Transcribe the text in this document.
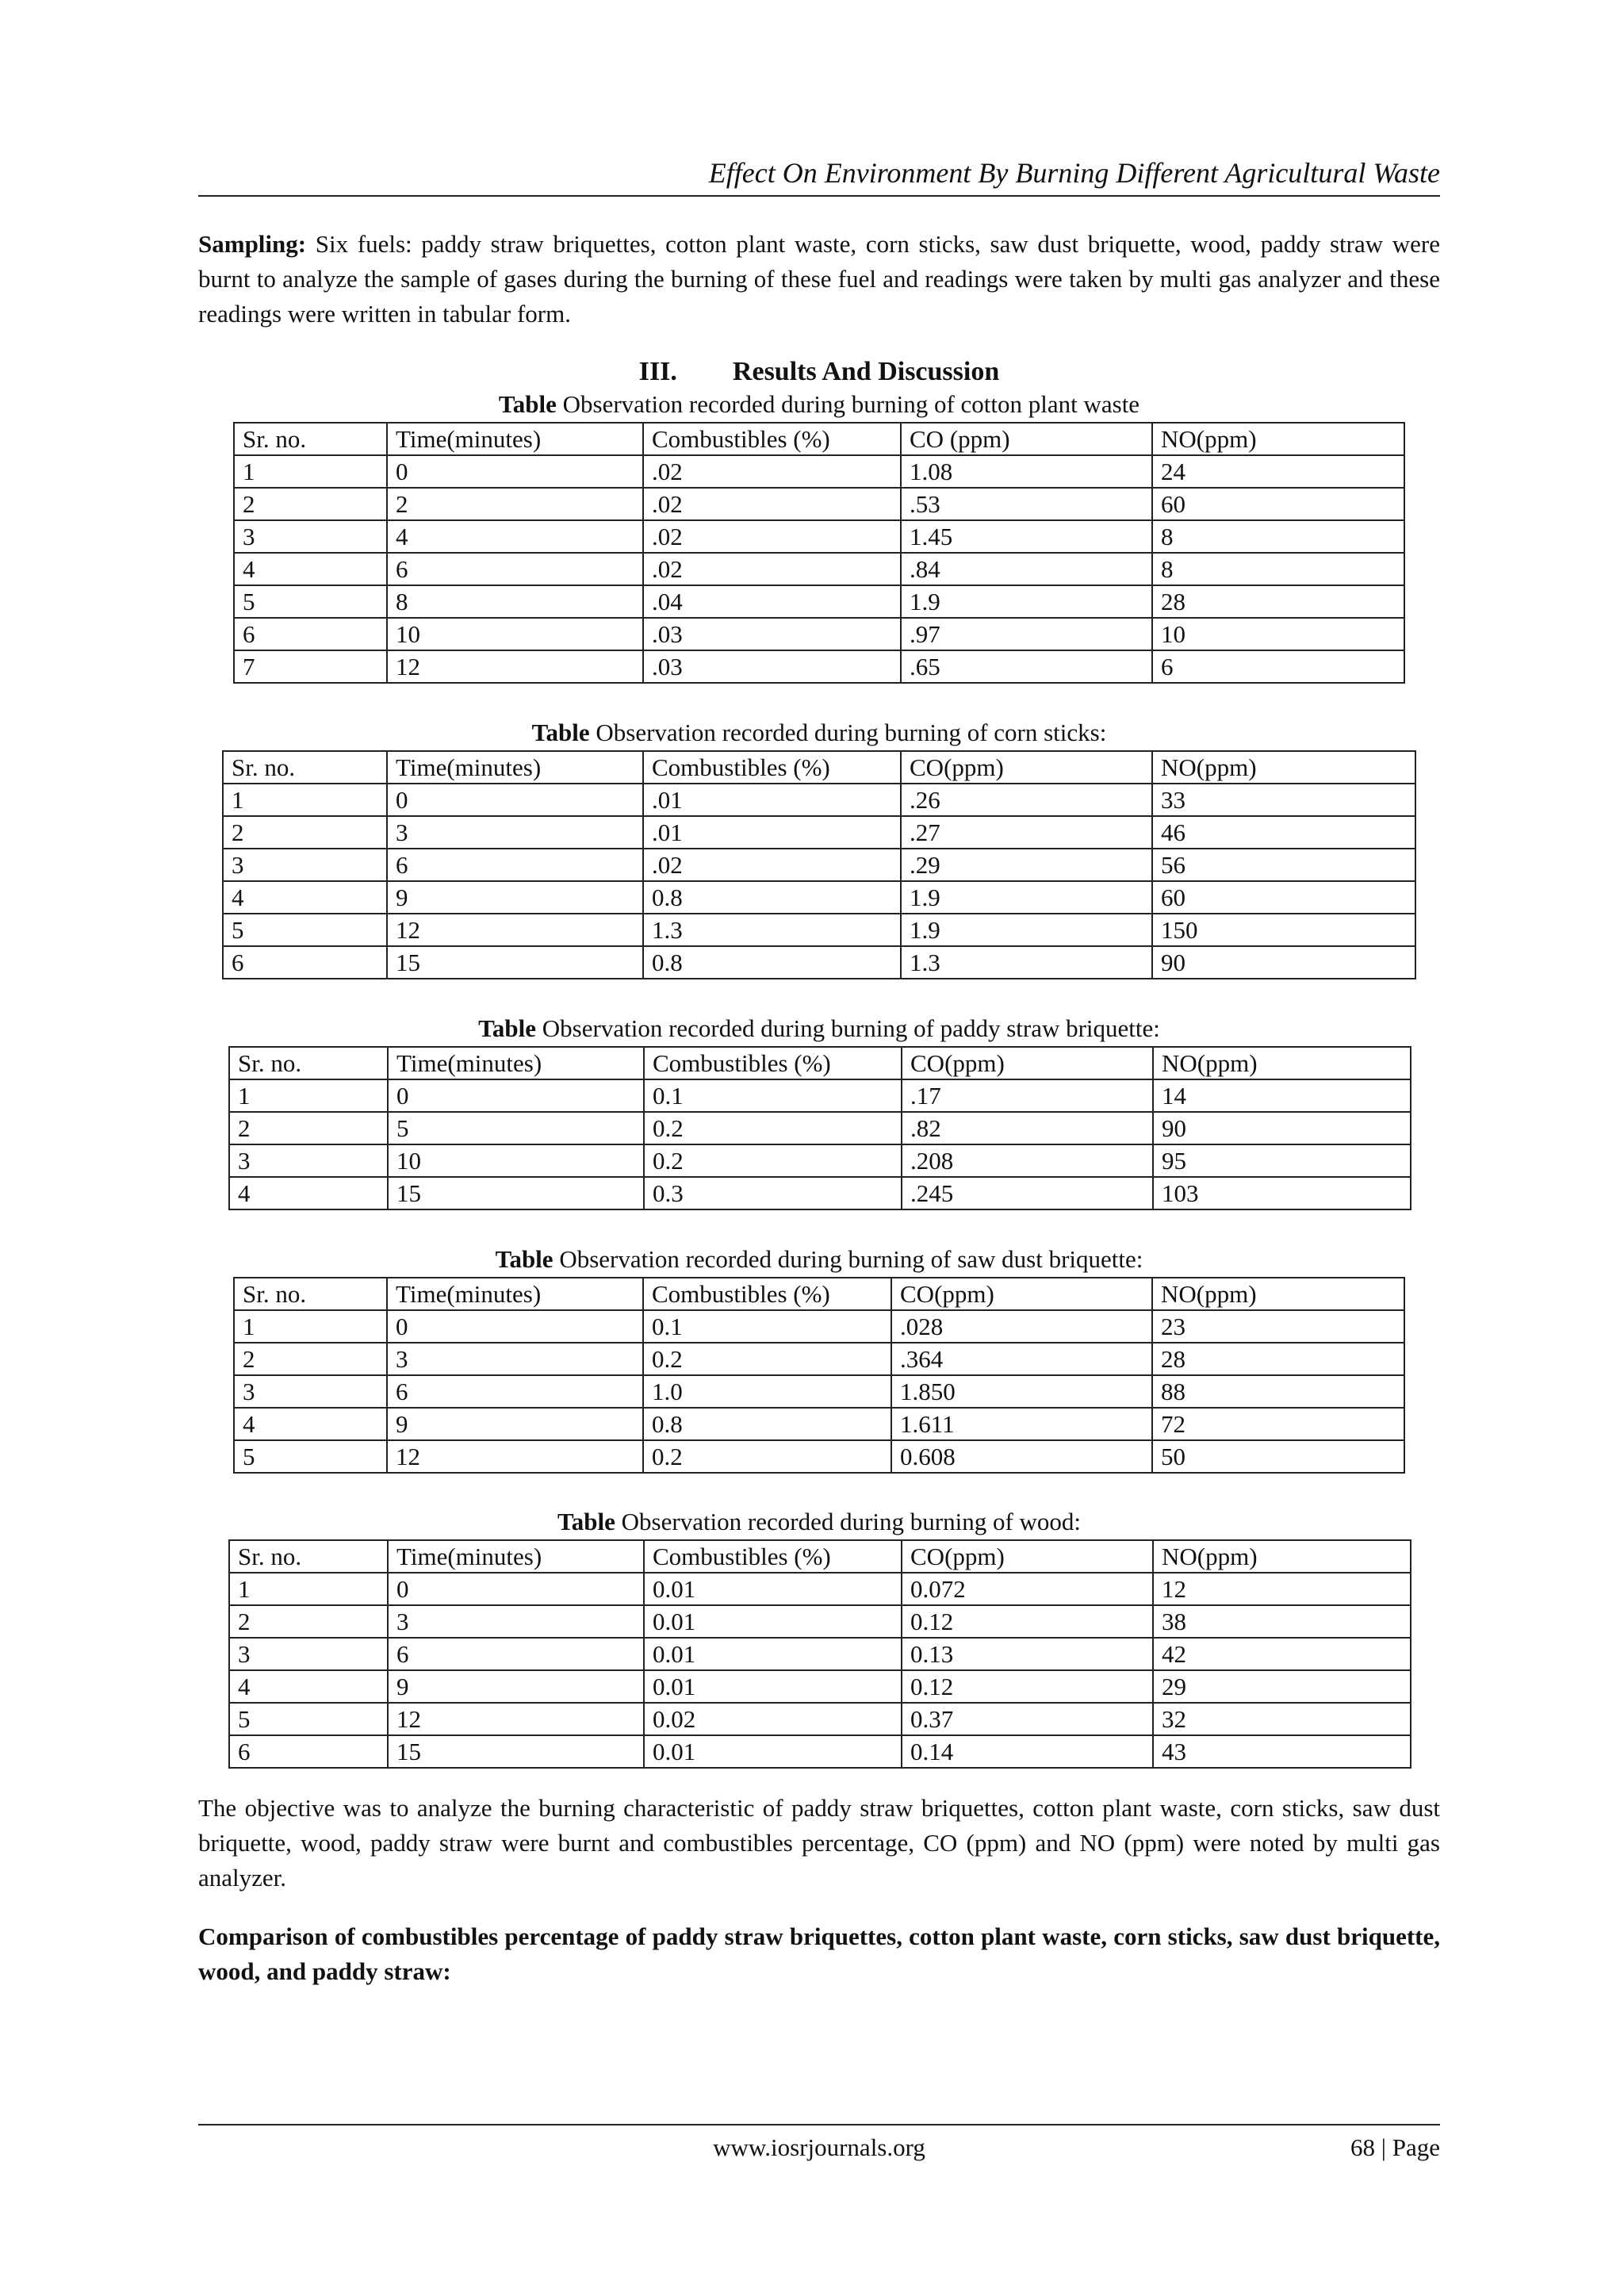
Effect On Environment By Burning Different Agricultural Waste

Sampling: Six fuels: paddy straw briquettes, cotton plant waste, corn sticks, saw dust briquette, wood, paddy straw were burnt to analyze the sample of gases during the burning of these fuel and readings were taken by multi gas analyzer and these readings were written in tabular form.

III. Results And Discussion
Table Observation recorded during burning of cotton plant waste
Sr. no.	Time(minutes)	Combustibles (%)	CO (ppm)	NO(ppm)
1	0	.02	1.08	24
2	2	.02	.53	60
3	4	.02	1.45	8
4	6	.02	.84	8
5	8	.04	1.9	28
6	10	.03	.97	10
7	12	.03	.65	6
Table Observation recorded during burning of corn sticks:
Sr. no.	Time(minutes)	Combustibles (%)	CO(ppm)	NO(ppm)
1	0	.01	.26	33
2	3	.01	.27	46
3	6	.02	.29	56
4	9	0.8	1.9	60
5	12	1.3	1.9	150
6	15	0.8	1.3	90
Table Observation recorded during burning of paddy straw briquette:
Sr. no.	Time(minutes)	Combustibles (%)	CO(ppm)	NO(ppm)
1	0	0.1	.17	14
2	5	0.2	.82	90
3	10	0.2	.208	95
4	15	0.3	.245	103
Table Observation recorded during burning of saw dust briquette:
Sr. no.	Time(minutes)	Combustibles (%)	CO(ppm)	NO(ppm)
1	0	0.1	.028	23
2	3	0.2	.364	28
3	6	1.0	1.850	88
4	9	0.8	1.611	72
5	12	0.2	0.608	50
Table Observation recorded during burning of wood:
Sr. no.	Time(minutes)	Combustibles (%)	CO(ppm)	NO(ppm)
1	0	0.01	0.072	12
2	3	0.01	0.12	38
3	6	0.01	0.13	42
4	9	0.01	0.12	29
5	12	0.02	0.37	32
6	15	0.01	0.14	43

The objective was to analyze the burning characteristic of paddy straw briquettes, cotton plant waste, corn sticks, saw dust briquette, wood, paddy straw were burnt and combustibles percentage, CO (ppm) and NO (ppm) were noted by multi gas analyzer.

Comparison of combustibles percentage of paddy straw briquettes, cotton plant waste, corn sticks, saw dust briquette, wood, and paddy straw:

www.iosrjournals.org	68 | Page
